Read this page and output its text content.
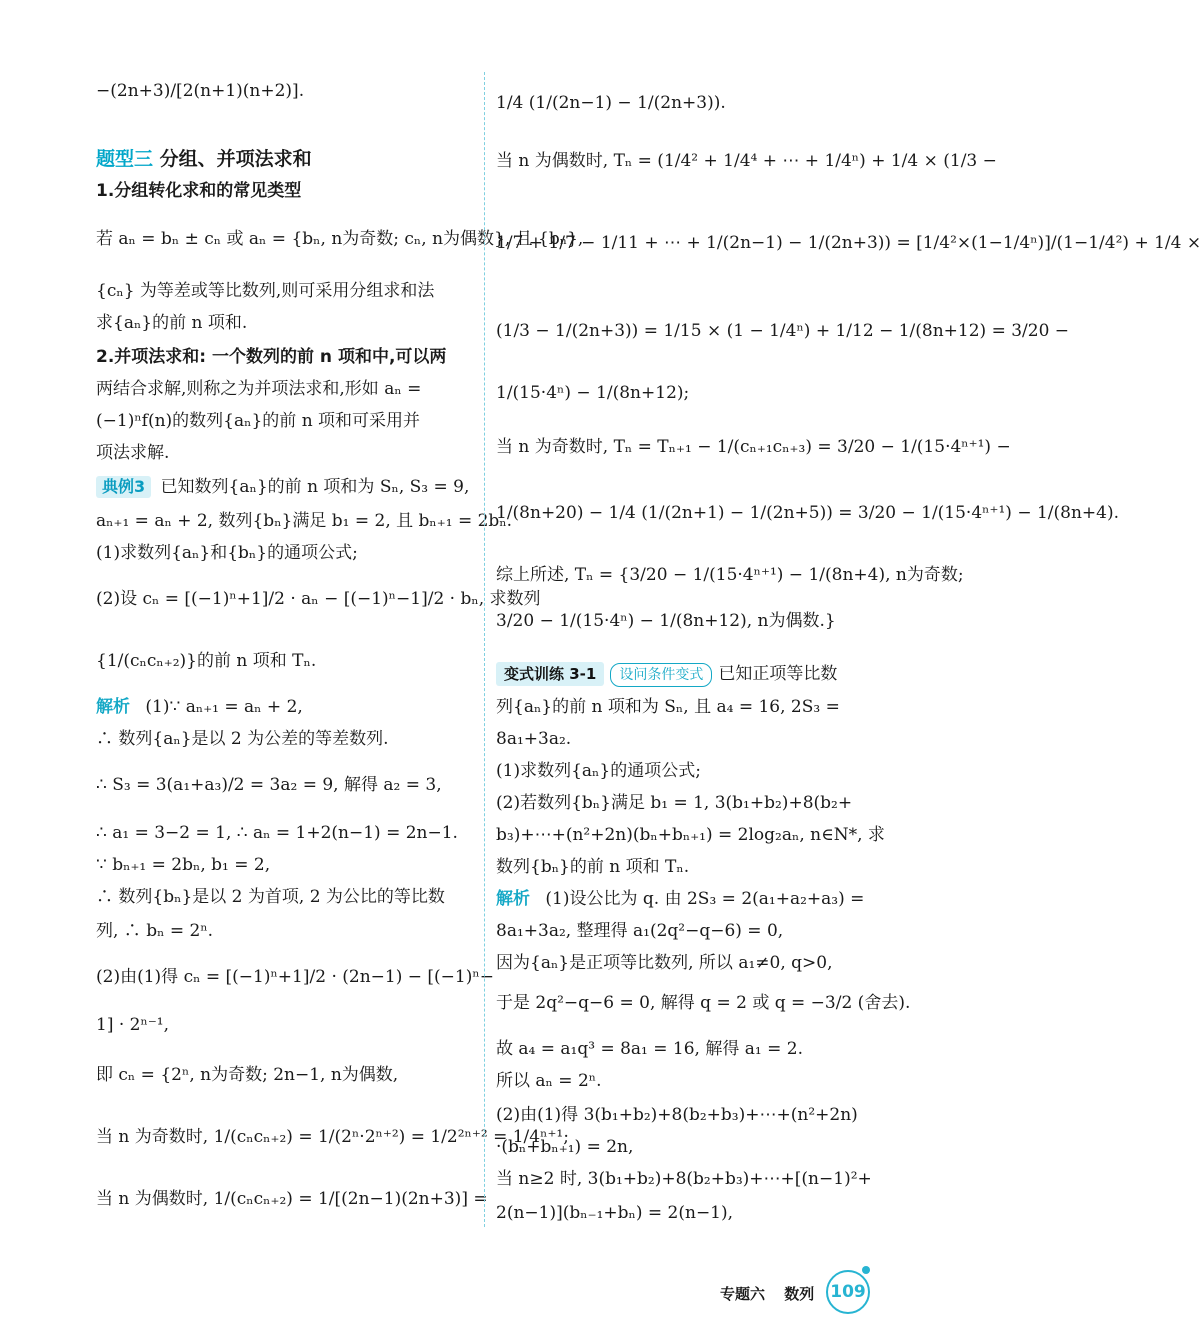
−(2n+3)/[2(n+1)(n+2)].
题型三 分组、并项法求和
1.分组转化求和的常见类型
若 aₙ = bₙ ± cₙ 或 aₙ = {bₙ, n为奇数; cₙ, n为偶数}, 且 {bₙ},
{cₙ} 为等差或等比数列,则可采用分组求和法
求{aₙ}的前 n 项和.
2.并项法求和: 一个数列的前 n 项和中,可以两
两结合求解,则称之为并项法求和,形如 aₙ =
(−1)ⁿf(n)的数列{aₙ}的前 n 项和可采用并
项法求解.
典例3 已知数列{aₙ}的前 n 项和为 Sₙ, S₃ = 9,
aₙ₊₁ = aₙ + 2, 数列{bₙ}满足 b₁ = 2, 且 bₙ₊₁ = 2bₙ.
(1)求数列{aₙ}和{bₙ}的通项公式;
(2)设 cₙ = [(−1)ⁿ+1]/2 · aₙ − [(−1)ⁿ−1]/2 · bₙ, 求数列
{1/(cₙcₙ₊₂)}的前 n 项和 Tₙ.
解析 (1)∵ aₙ₊₁ = aₙ + 2,
∴ 数列{aₙ}是以 2 为公差的等差数列.
∴ S₃ = 3(a₁+a₃)/2 = 3a₂ = 9, 解得 a₂ = 3,
∴ a₁ = 3−2 = 1, ∴ aₙ = 1+2(n−1) = 2n−1.
∵ bₙ₊₁ = 2bₙ, b₁ = 2,
∴ 数列{bₙ}是以 2 为首项, 2 为公比的等比数
列, ∴ bₙ = 2ⁿ.
(2)由(1)得 cₙ = [(−1)ⁿ+1]/2 · (2n−1) − [(−1)ⁿ−
1] · 2ⁿ⁻¹,
即 cₙ = {2ⁿ, n为奇数; 2n−1, n为偶数,
当 n 为奇数时, 1/(cₙcₙ₊₂) = 1/(2ⁿ·2ⁿ⁺²) = 1/2²ⁿ⁺² = 1/4ⁿ⁺¹;
当 n 为偶数时, 1/(cₙcₙ₊₂) = 1/[(2n−1)(2n+3)] =
1/4 (1/(2n−1) − 1/(2n+3)).
当 n 为偶数时, Tₙ = (1/4² + 1/4⁴ + ⋯ + 1/4ⁿ) + 1/4 × (1/3 −
1/7 + 1/7 − 1/11 + ⋯ + 1/(2n−1) − 1/(2n+3)) = [1/4²×(1−1/4ⁿ)]/(1−1/4²) + 1/4 ×
(1/3 − 1/(2n+3)) = 1/15 × (1 − 1/4ⁿ) + 1/12 − 1/(8n+12) = 3/20 −
1/(15·4ⁿ) − 1/(8n+12);
当 n 为奇数时, Tₙ = Tₙ₊₁ − 1/(cₙ₊₁cₙ₊₃) = 3/20 − 1/(15·4ⁿ⁺¹) −
1/(8n+20) − 1/4 (1/(2n+1) − 1/(2n+5)) = 3/20 − 1/(15·4ⁿ⁺¹) − 1/(8n+4).
综上所述, Tₙ = {3/20 − 1/(15·4ⁿ⁺¹) − 1/(8n+4), n为奇数;
3/20 − 1/(15·4ⁿ) − 1/(8n+12), n为偶数.}
变式训练 3-1 设问条件变式 已知正项等比数
列{aₙ}的前 n 项和为 Sₙ, 且 a₄ = 16, 2S₃ =
8a₁+3a₂.
(1)求数列{aₙ}的通项公式;
(2)若数列{bₙ}满足 b₁ = 1, 3(b₁+b₂)+8(b₂+
b₃)+⋯+(n²+2n)(bₙ+bₙ₊₁) = 2log₂aₙ, n∈N*, 求
数列{bₙ}的前 n 项和 Tₙ.
解析 (1)设公比为 q. 由 2S₃ = 2(a₁+a₂+a₃) =
8a₁+3a₂, 整理得 a₁(2q²−q−6) = 0,
因为{aₙ}是正项等比数列, 所以 a₁≠0, q>0,
于是 2q²−q−6 = 0, 解得 q = 2 或 q = −3/2 (舍去).
故 a₄ = a₁q³ = 8a₁ = 16, 解得 a₁ = 2.
所以 aₙ = 2ⁿ.
(2)由(1)得 3(b₁+b₂)+8(b₂+b₃)+⋯+(n²+2n)
·(bₙ+bₙ₊₁) = 2n,
当 n≥2 时, 3(b₁+b₂)+8(b₂+b₃)+⋯+[(n−1)²+
2(n−1)](bₙ₋₁+bₙ) = 2(n−1),
专题六 数列 109
